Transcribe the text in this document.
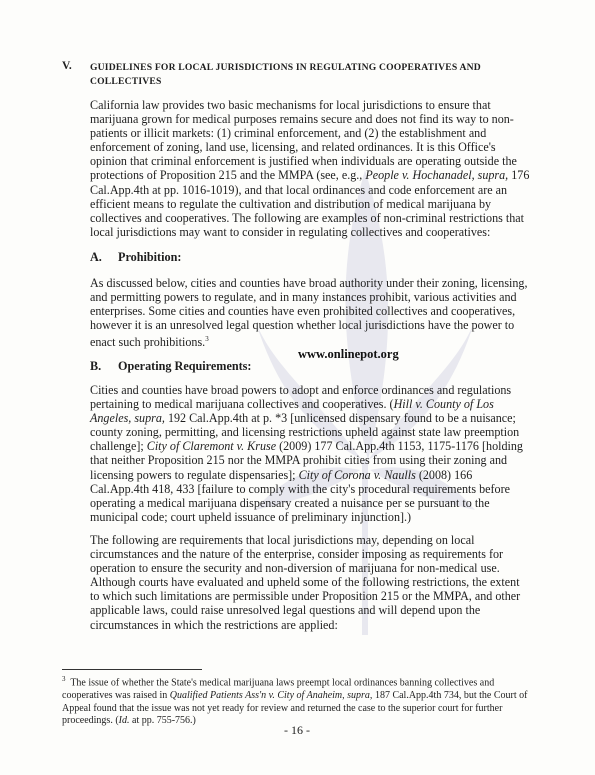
V. GUIDELINES FOR LOCAL JURISDICTIONS IN REGULATING COOPERATIVES AND COLLECTIVES

California law provides two basic mechanisms for local jurisdictions to ensure that marijuana grown for medical purposes remains secure and does not find its way to non-patients or illicit markets: (1) criminal enforcement, and (2) the establishment and enforcement of zoning, land use, licensing, and related ordinances. It is this Office's opinion that criminal enforcement is justified when individuals are operating outside the protections of Proposition 215 and the MMPA (see, e.g., People v. Hochanadel, supra, 176 Cal.App.4th at pp. 1016-1019), and that local ordinances and code enforcement are an efficient means to regulate the cultivation and distribution of medical marijuana by collectives and cooperatives. The following are examples of non-criminal restrictions that local jurisdictions may want to consider in regulating collectives and cooperatives:

A. Prohibition:

As discussed below, cities and counties have broad authority under their zoning, licensing, and permitting powers to regulate, and in many instances prohibit, various activities and enterprises. Some cities and counties have even prohibited collectives and cooperatives, however it is an unresolved legal question whether local jurisdictions have the power to enact such prohibitions.$^3$

www.onlinepot.org
B. Operating Requirements:

Cities and counties have broad powers to adopt and enforce ordinances and regulations pertaining to medical marijuana collectives and cooperatives. (Hill v. County of Los Angeles, supra, 192 Cal.App.4th at p. *3 [unlicensed dispensary found to be a nuisance; county zoning, permitting, and licensing restrictions upheld against state law preemption challenge]; City of Claremont v. Kruse (2009) 177 Cal.App.4th 1153, 1175-1176 [holding that neither Proposition 215 nor the MMPA prohibit cities from using their zoning and licensing powers to regulate dispensaries]; City of Corona v. Naulls (2008) 166 Cal.App.4th 418, 433 [failure to comply with the city's procedural requirements before operating a medical marijuana dispensary created a nuisance per se pursuant to the municipal code; court upheld issuance of preliminary injunction].)

The following are requirements that local jurisdictions may, depending on local circumstances and the nature of the enterprise, consider imposing as requirements for operation to ensure the security and non-diversion of marijuana for non-medical use. Although courts have evaluated and upheld some of the following restrictions, the extent to which such limitations are permissible under Proposition 215 or the MMPA, and other applicable laws, could raise unresolved legal questions and will depend upon the circumstances in which the restrictions are applied:

$^3$ The issue of whether the State's medical marijuana laws preempt local ordinances banning collectives and cooperatives was raised in Qualified Patients Ass'n v. City of Anaheim, supra, 187 Cal.App.4th 734, but the Court of Appeal found that the issue was not yet ready for review and returned the case to the superior court for further proceedings. (Id. at pp. 755-756.)

- 16 -
